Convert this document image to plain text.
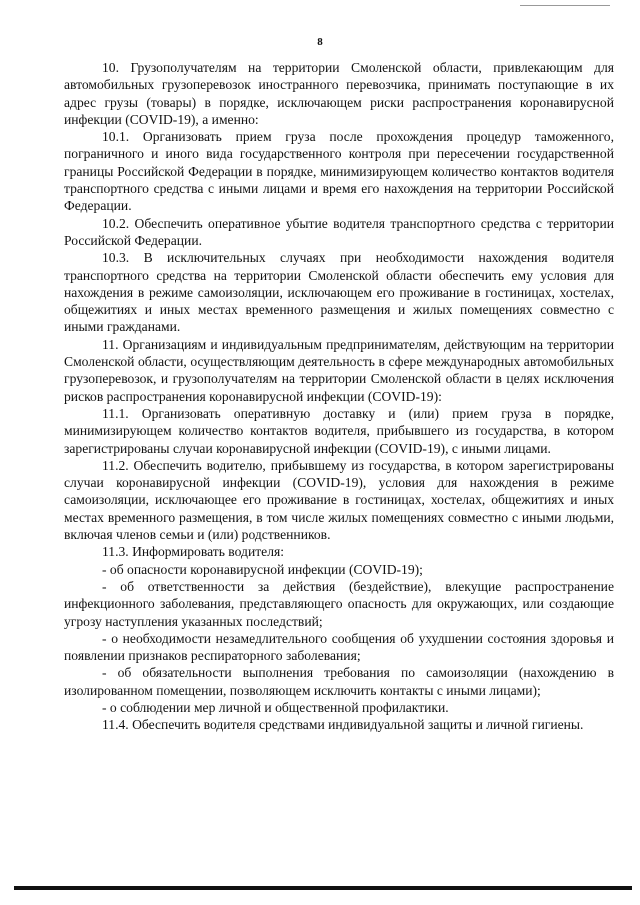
8

10. Грузополучателям на территории Смоленской области, привлекающим для автомобильных грузоперевозок иностранного перевозчика, принимать поступающие в их адрес грузы (товары) в порядке, исключающем риски распространения коронавирусной инфекции (COVID-19), а именно:

10.1. Организовать прием груза после прохождения процедур таможенного, пограничного и иного вида государственного контроля при пересечении государственной границы Российской Федерации в порядке, минимизирующем количество контактов водителя транспортного средства с иными лицами и время его нахождения на территории Российской Федерации.

10.2. Обеспечить оперативное убытие водителя транспортного средства с территории Российской Федерации.

10.3. В исключительных случаях при необходимости нахождения водителя транспортного средства на территории Смоленской области обеспечить ему условия для нахождения в режиме самоизоляции, исключающем его проживание в гостиницах, хостелах, общежитиях и иных местах временного размещения и жилых помещениях совместно с иными гражданами.

11. Организациям и индивидуальным предпринимателям, действующим на территории Смоленской области, осуществляющим деятельность в сфере международных автомобильных грузоперевозок, и грузополучателям на территории Смоленской области в целях исключения рисков распространения коронавирусной инфекции (COVID-19):

11.1. Организовать оперативную доставку и (или) прием груза в порядке, минимизирующем количество контактов водителя, прибывшего из государства, в котором зарегистрированы случаи коронавирусной инфекции (COVID-19), с иными лицами.

11.2. Обеспечить водителю, прибывшему из государства, в котором зарегистрированы случаи коронавирусной инфекции (COVID-19), условия для нахождения в режиме самоизоляции, исключающее его проживание в гостиницах, хостелах, общежитиях и иных местах временного размещения, в том числе жилых помещениях совместно с иными людьми, включая членов семьи и (или) родственников.

11.3. Информировать водителя:

- об опасности коронавирусной инфекции (COVID-19);

- об ответственности за действия (бездействие), влекущие распространение инфекционного заболевания, представляющего опасность для окружающих, или создающие угрозу наступления указанных последствий;

- о необходимости незамедлительного сообщения об ухудшении состояния здоровья и появлении признаков респираторного заболевания;

- об обязательности выполнения требования по самоизоляции (нахождению в изолированном помещении, позволяющем исключить контакты с иными лицами);

- о соблюдении мер личной и общественной профилактики.

11.4. Обеспечить водителя средствами индивидуальной защиты и личной гигиены.
